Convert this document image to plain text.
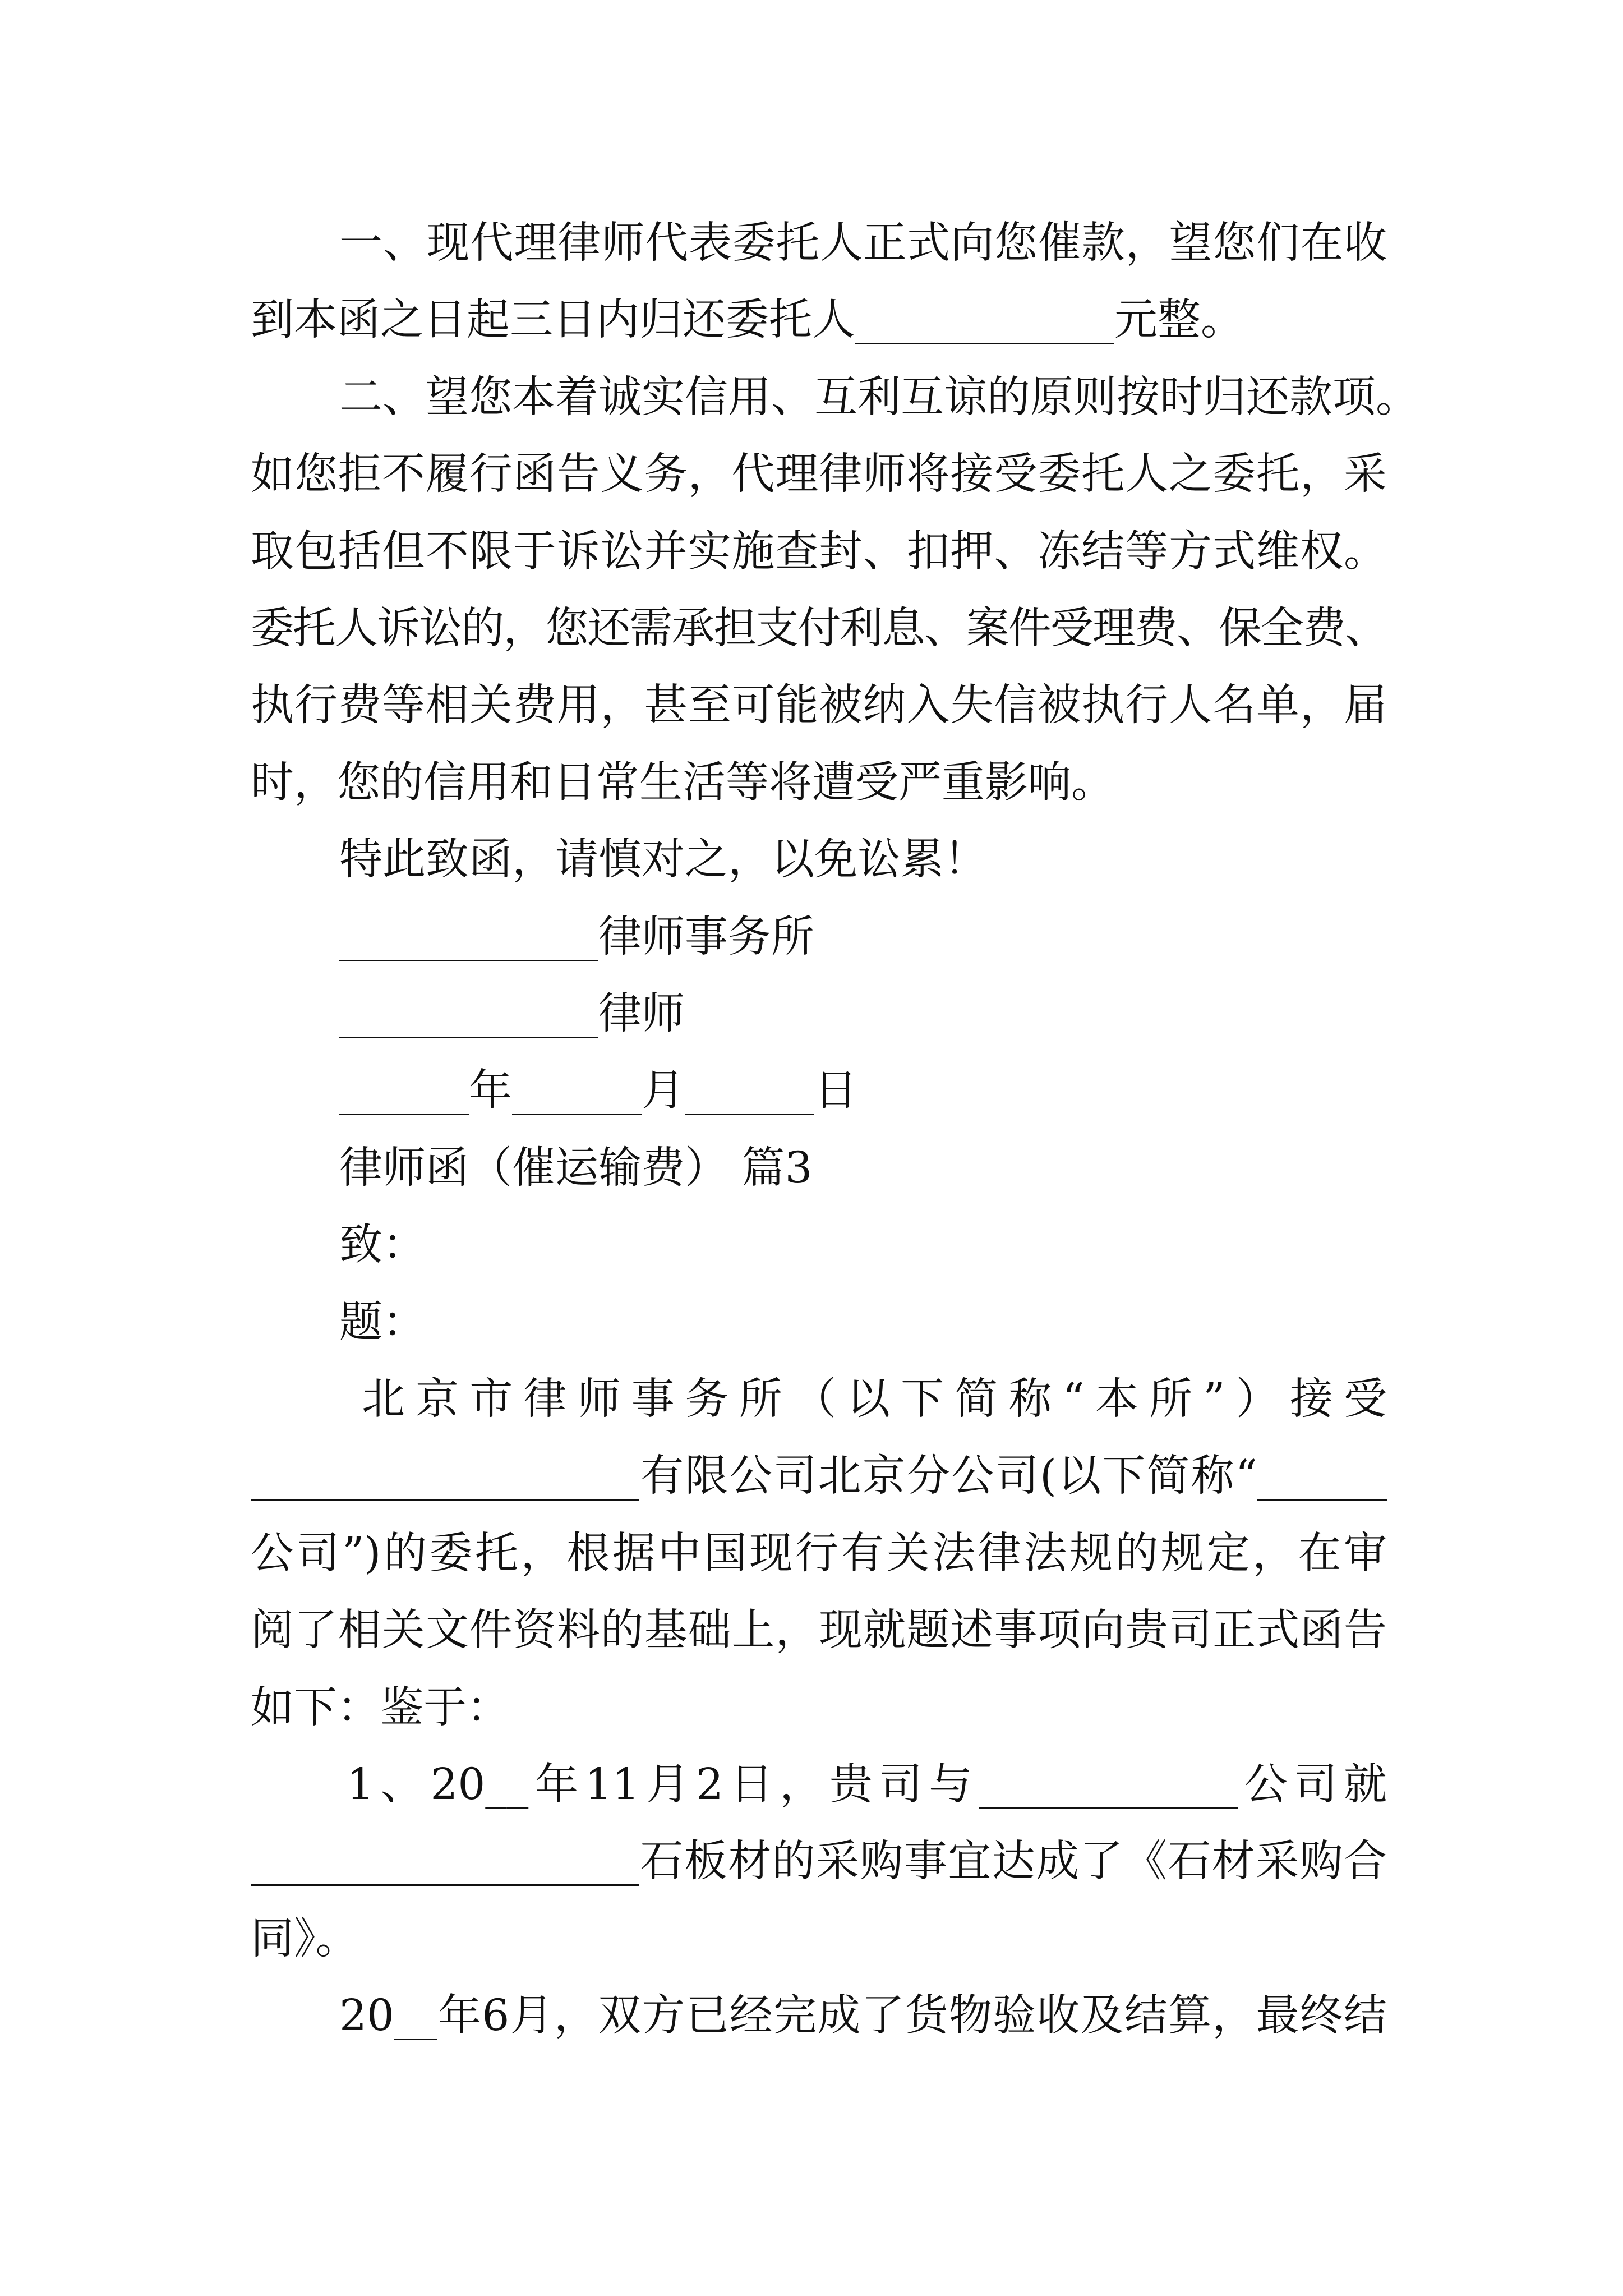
一、现代理律师代表委托人正式向您催款，望您们在收

到本函之日起三日内归还委托人____________元整。

二、望您本着诚实信用、互利互谅的原则按时归还款项。

如您拒不履行函告义务，代理律师将接受委托人之委托，采

取包括但不限于诉讼并实施查封、扣押、冻结等方式维权。

委托人诉讼的，您还需承担支付利息、案件受理费、保全费、

执行费等相关费用，甚至可能被纳入失信被执行人名单，届

时，您的信用和日常生活等将遭受严重影响。

特此致函，请慎对之，以免讼累！

____________律师事务所

____________律师

______年______月______日

律师函（催运输费） 篇3

致：

题：

北京市律师事务所（以下简称“本所”）接受

__________________有限公司北京分公司(以下简称“______

公司”)的委托，根据中国现行有关法律法规的规定，在审

阅了相关文件资料的基础上，现就题述事项向贵司正式函告

如下：鉴于：

1、20__年11月2日，贵司与____________公司就

__________________石板材的采购事宜达成了《石材采购合

同》。

20__年6月，双方已经完成了货物验收及结算，最终结
